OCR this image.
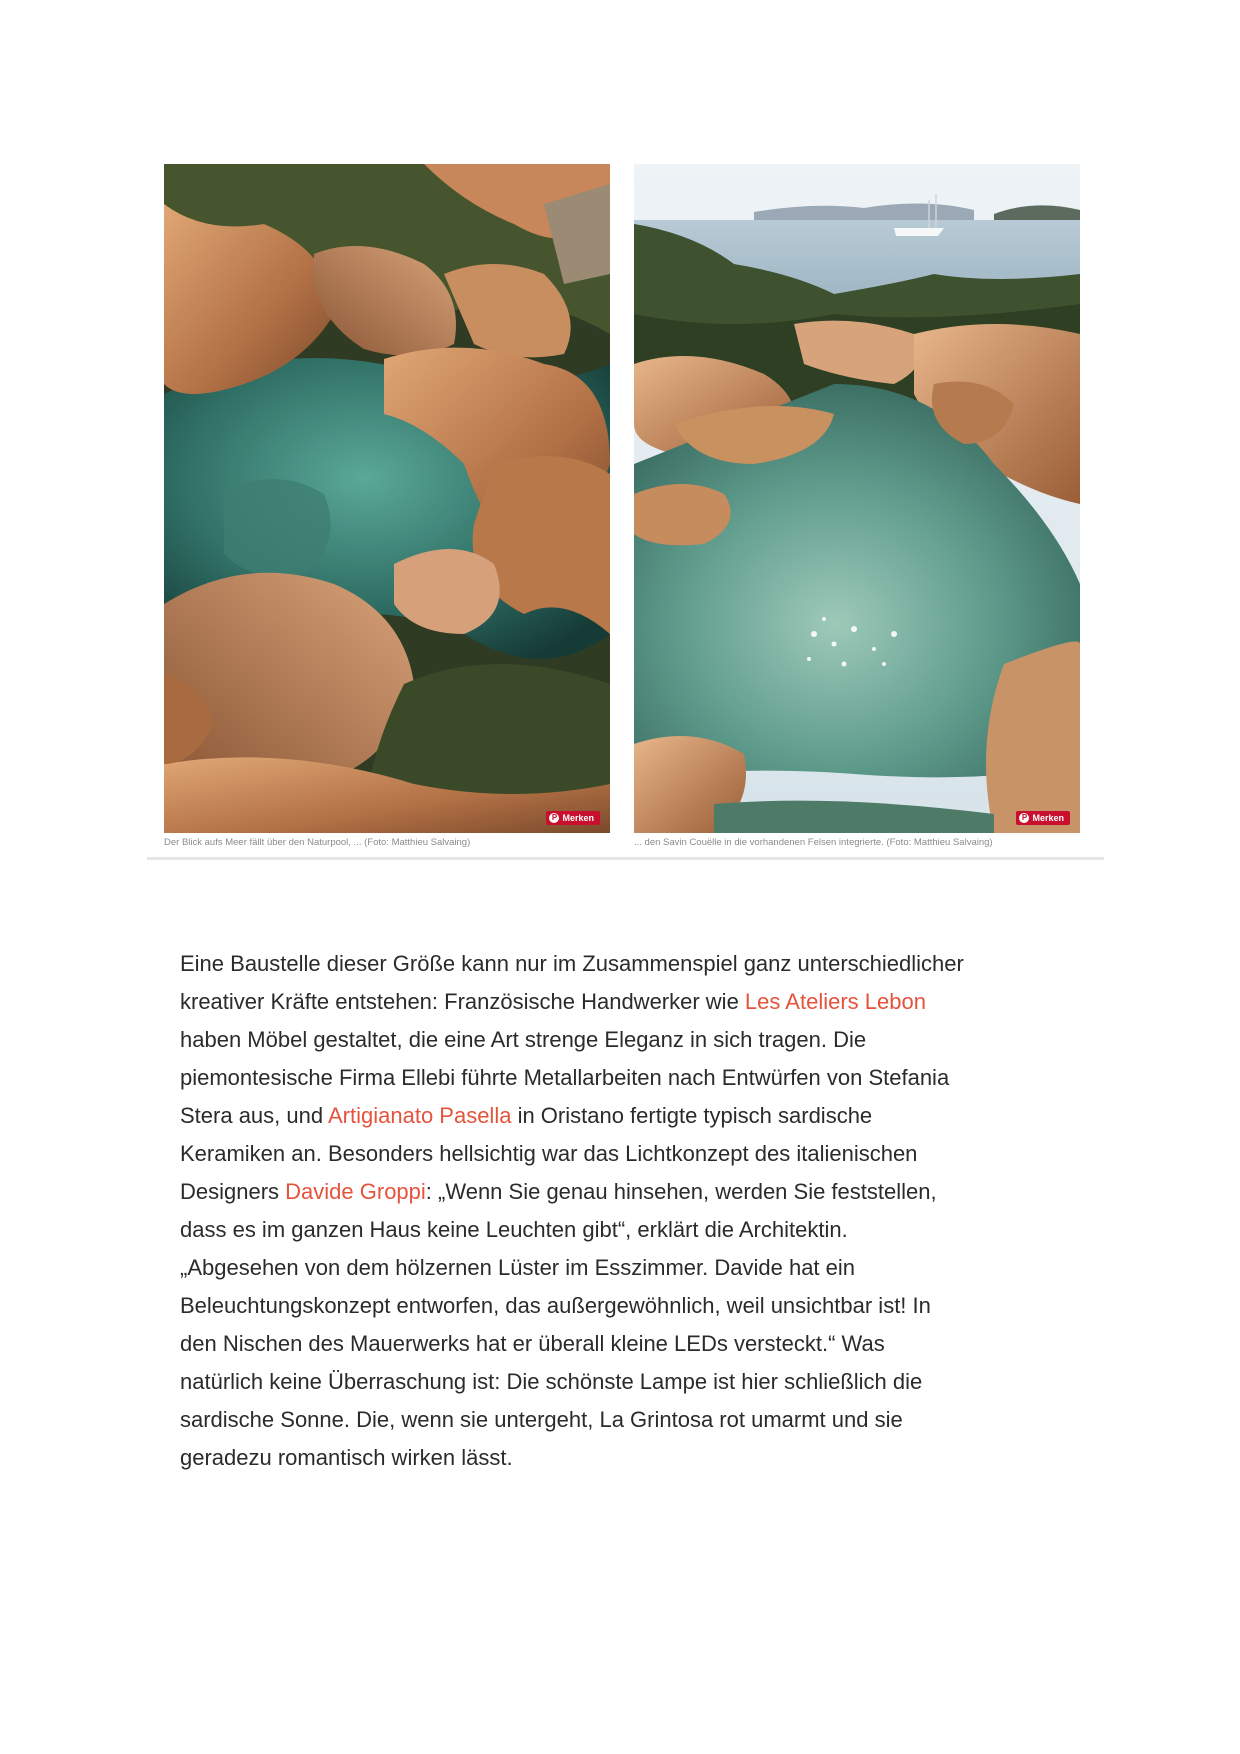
P Merken
Der Blick aufs Meer fällt über den Naturpool, ... (Foto: Matthieu Salvaing)
P Merken
... den Savin Couëlle in die vorhandenen Felsen integrierte. (Foto: Matthieu Salvaing)
Eine Baustelle dieser Größe kann nur im Zusammenspiel ganz unterschiedlicher
kreativer Kräfte entstehen: Französische Handwerker wie Les Ateliers Lebon
haben Möbel gestaltet, die eine Art strenge Eleganz in sich tragen. Die
piemontesische Firma Ellebi führte Metallarbeiten nach Entwürfen von Stefania
Stera aus, und Artigianato Pasella in Oristano fertigte typisch sardische
Keramiken an. Besonders hellsichtig war das Lichtkonzept des italienischen
Designers Davide Groppi: „Wenn Sie genau hinsehen, werden Sie feststellen,
dass es im ganzen Haus keine Leuchten gibt“, erklärt die Architektin.
„Abgesehen von dem hölzernen Lüster im Esszimmer. Davide hat ein
Beleuchtungskonzept entworfen, das außergewöhnlich, weil unsichtbar ist! In
den Nischen des Mauerwerks hat er überall kleine LEDs versteckt.“ Was
natürlich keine Überraschung ist: Die schönste Lampe ist hier schließlich die
sardische Sonne. Die, wenn sie untergeht, La Grintosa rot umarmt und sie
geradezu romantisch wirken lässt.
